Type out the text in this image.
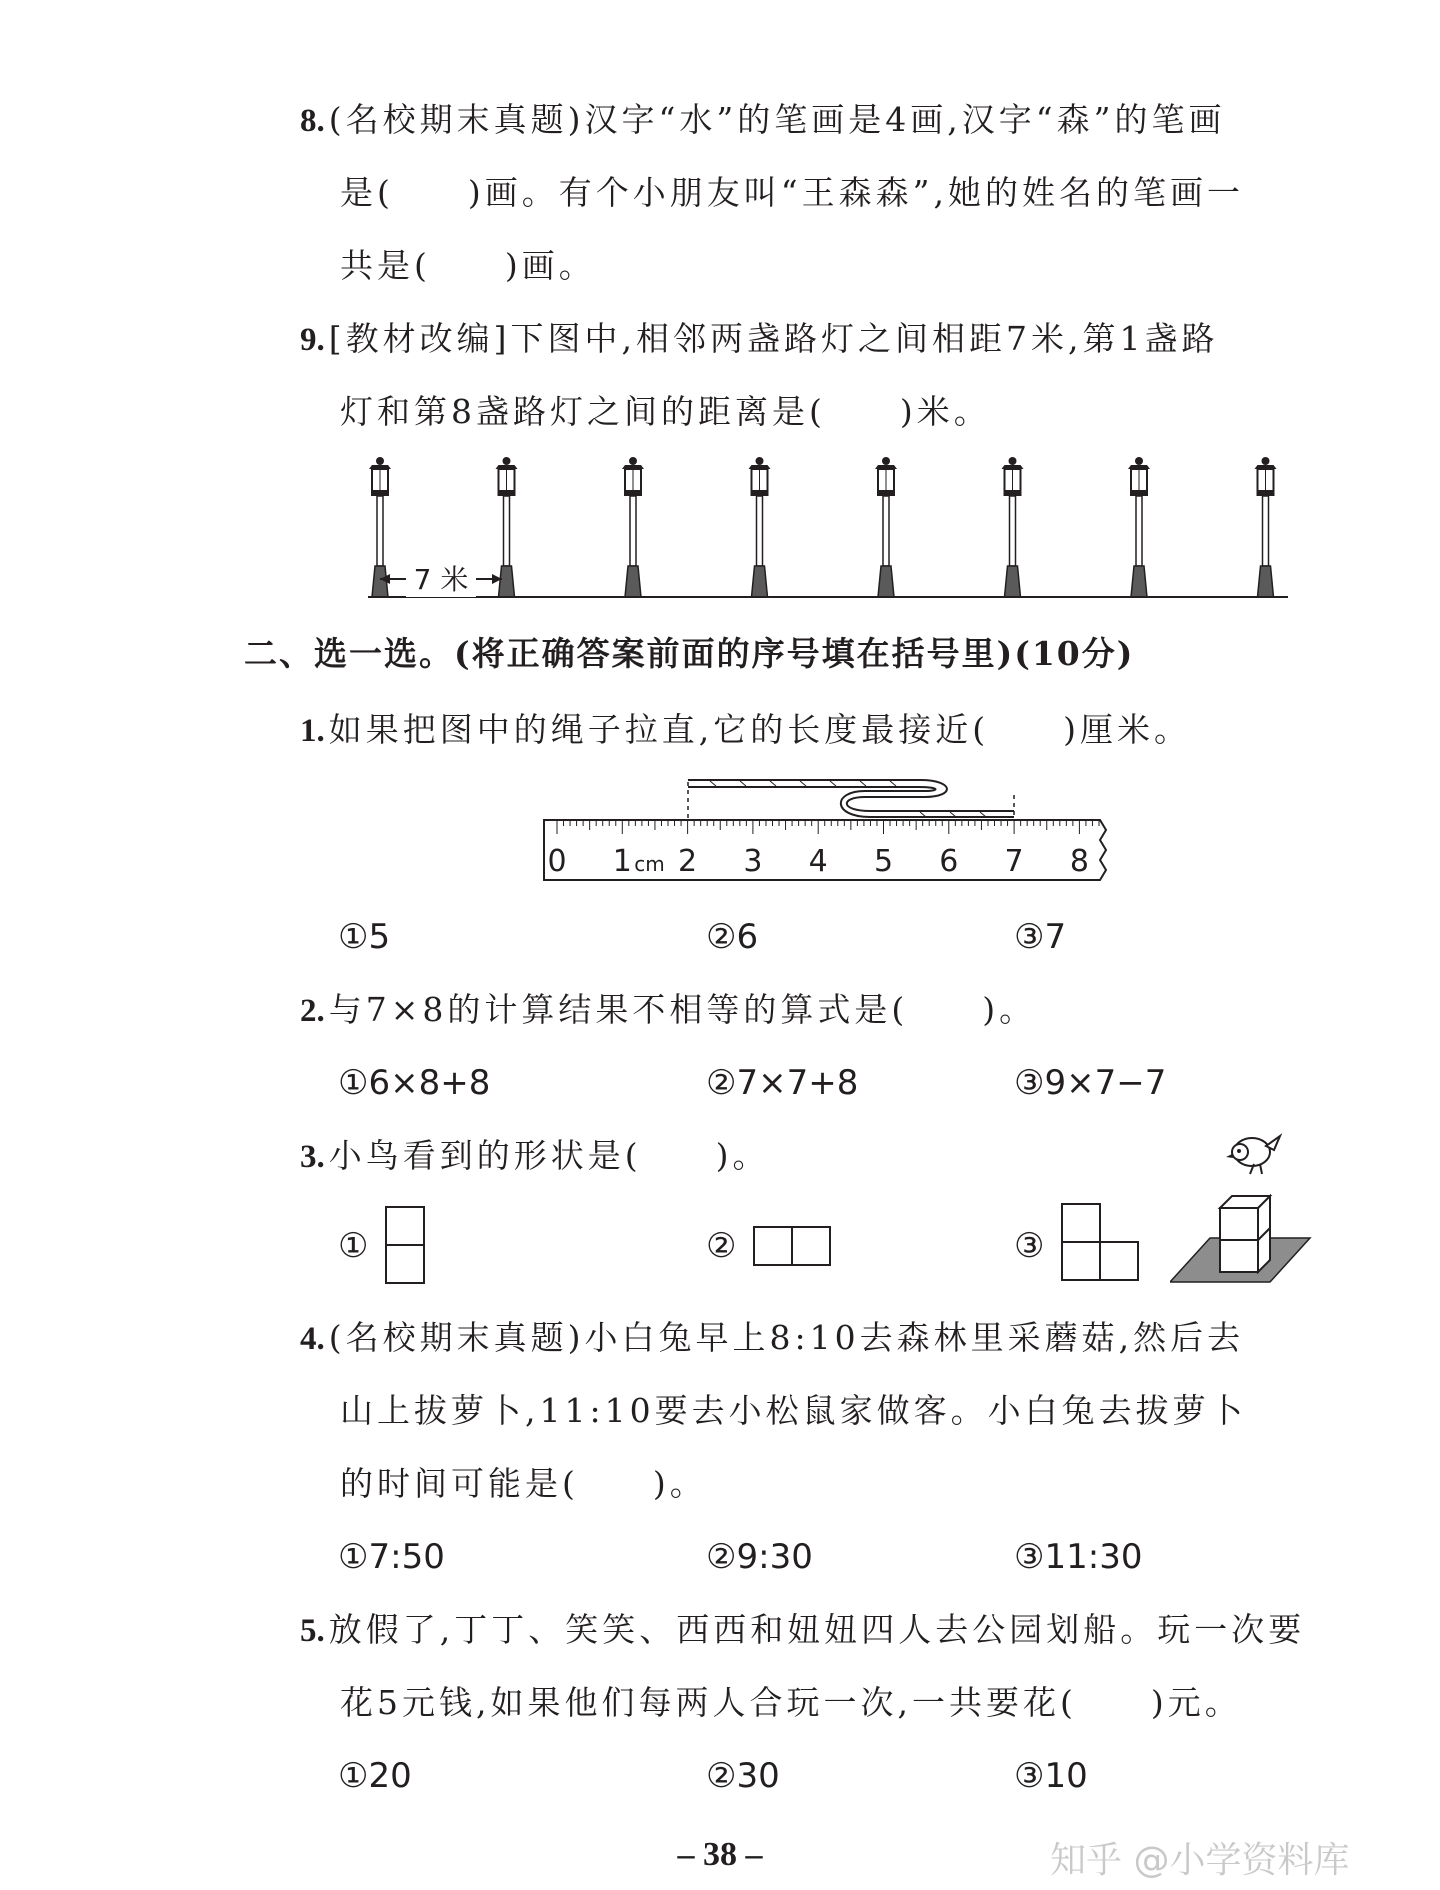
8. (名校期末真题)汉字“水”的笔画是4画,汉字“森”的笔画
是(　　)画。有个小朋友叫“王森森”,她的姓名的笔画一
共是(　　)画。
9. [教材改编]下图中,相邻两盏路灯之间相距7米,第1盏路
灯和第8盏路灯之间的距离是(　　)米。
7 米
二、选一选。(将正确答案前面的序号填在括号里)(10分)
1. 如果把图中的绳子拉直,它的长度最接近(　　)厘米。
0 1 2 3 4 5 6 7 8
cm
①5	②6	③7
2. 与7×8的计算结果不相等的算式是(　　)。
①6×8+8	②7×7+8	③9×7−7
3. 小鸟看到的形状是(　　)。
①	②	③
4. (名校期末真题)小白兔早上8:10去森林里采蘑菇,然后去
山上拔萝卜,11:10要去小松鼠家做客。小白兔去拔萝卜
的时间可能是(　　)。
①7:50	②9:30	③11:30
5. 放假了,丁丁、笑笑、西西和妞妞四人去公园划船。玩一次要
花5元钱,如果他们每两人合玩一次,一共要花(　　)元。
①20	②30	③10
– 38 –	知乎 @小学资料库
